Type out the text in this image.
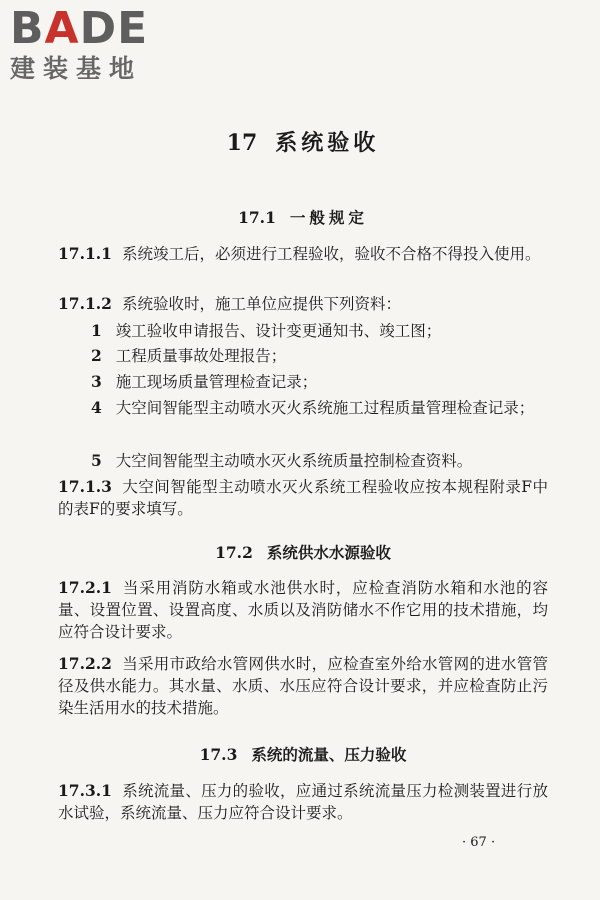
BADE
建装基地
17 系统验收
17.1 一般规定
17.1.1 系统竣工后，必须进行工程验收，验收不合格不得投入使用。
17.1.2 系统验收时，施工单位应提供下列资料：
1 竣工验收申请报告、设计变更通知书、竣工图；
2 工程质量事故处理报告；
3 施工现场质量管理检查记录；
4 大空间智能型主动喷水灭火系统施工过程质量管理检查记录；
5 大空间智能型主动喷水灭火系统质量控制检查资料。
17.1.3 大空间智能型主动喷水灭火系统工程验收应按本规程附录F中的表F的要求填写。
17.2 系统供水水源验收
17.2.1 当采用消防水箱或水池供水时，应检查消防水箱和水池的容量、设置位置、设置高度、水质以及消防储水不作它用的技术措施，均应符合设计要求。
17.2.2 当采用市政给水管网供水时，应检查室外给水管网的进水管管径及供水能力。其水量、水质、水压应符合设计要求，并应检查防止污染生活用水的技术措施。
17.3 系统的流量、压力验收
17.3.1 系统流量、压力的验收，应通过系统流量压力检测装置进行放水试验，系统流量、压力应符合设计要求。
· 67 ·
